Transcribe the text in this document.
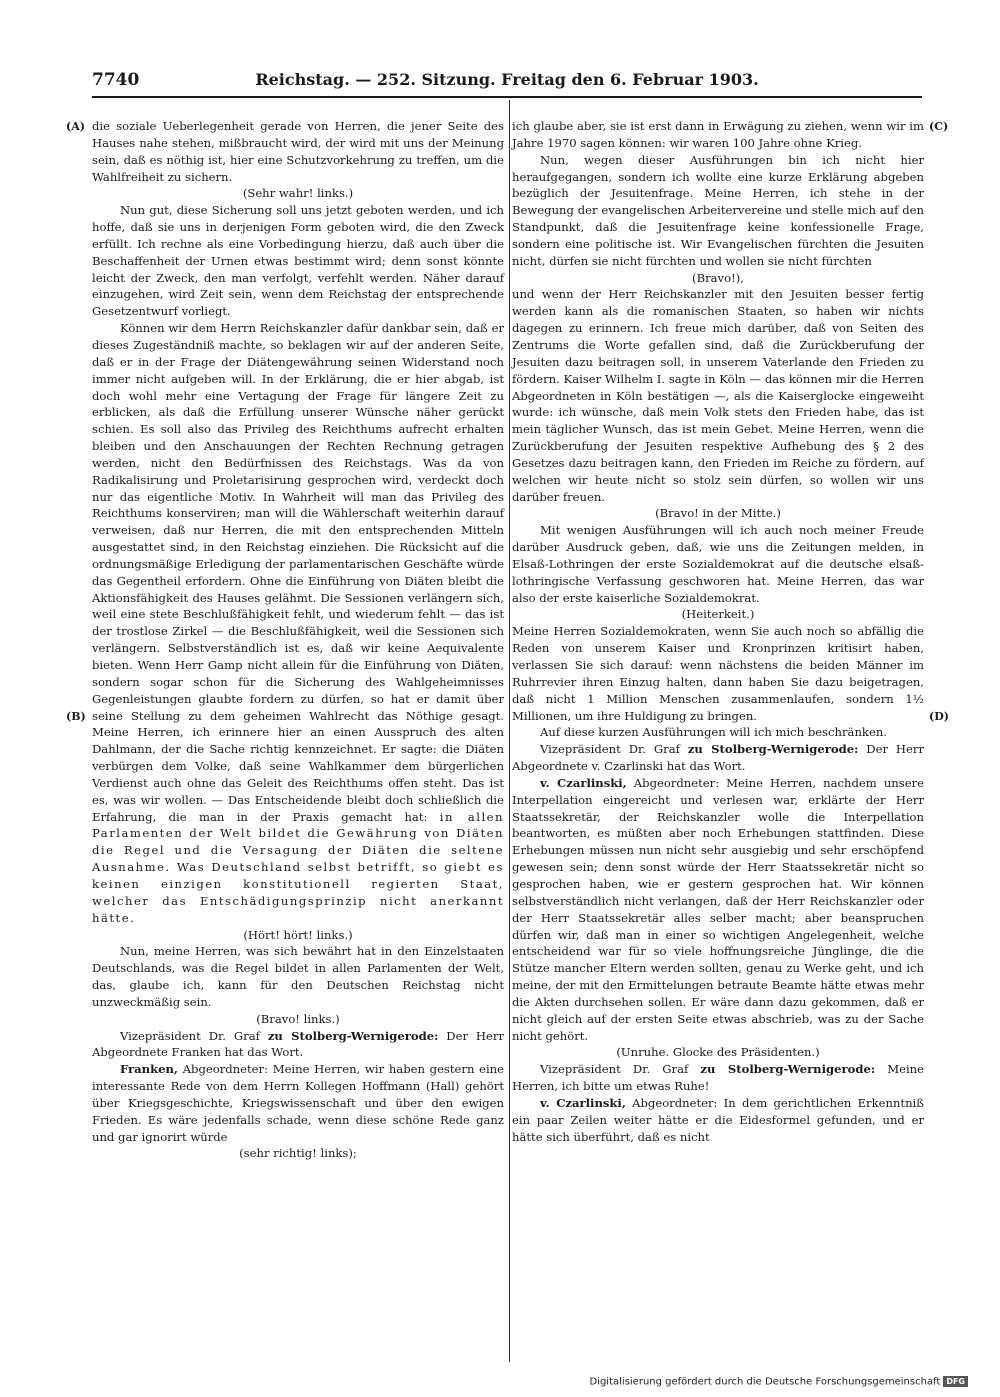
7740	Reichstag. — 252. Sitzung. Freitag den 6. Februar 1903.
(A)
(B)
(C)
(D)

die soziale Ueberlegenheit gerade von Herren, die jener Seite des Hauses nahe stehen, mißbraucht wird, der wird mit uns der Meinung sein, daß es nöthig ist, hier eine Schutzvorkehrung zu treffen, um die Wahlfreiheit zu sichern.

(Sehr wahr! links.)

Nun gut, diese Sicherung soll uns jetzt geboten werden, und ich hoffe, daß sie uns in derjenigen Form geboten wird, die den Zweck erfüllt. Ich rechne als eine Vorbedingung hierzu, daß auch über die Beschaffenheit der Urnen etwas bestimmt wird; denn sonst könnte leicht der Zweck, den man verfolgt, verfehlt werden. Näher darauf einzugehen, wird Zeit sein, wenn dem Reichstag der entsprechende Gesetzentwurf vorliegt.

Können wir dem Herrn Reichskanzler dafür dankbar sein, daß er dieses Zugeständniß machte, so beklagen wir auf der anderen Seite, daß er in der Frage der Diätengewährung seinen Widerstand noch immer nicht aufgeben will. In der Erklärung, die er hier abgab, ist doch wohl mehr eine Vertagung der Frage für längere Zeit zu erblicken, als daß die Erfüllung unserer Wünsche näher gerückt schien. Es soll also das Privileg des Reichthums aufrecht erhalten bleiben und den Anschauungen der Rechten Rechnung getragen werden, nicht den Bedürfnissen des Reichstags. Was da von Radikalisirung und Proletarisirung gesprochen wird, verdeckt doch nur das eigentliche Motiv. In Wahrheit will man das Privileg des Reichthums konserviren; man will die Wählerschaft weiterhin darauf verweisen, daß nur Herren, die mit den entsprechenden Mitteln ausgestattet sind, in den Reichstag einziehen. Die Rücksicht auf die ordnungsmäßige Erledigung der parlamentarischen Geschäfte würde das Gegentheil erfordern. Ohne die Einführung von Diäten bleibt die Aktionsfähigkeit des Hauses gelähmt. Die Sessionen verlängern sich, weil eine stete Beschlußfähigkeit fehlt, und wiederum fehlt — das ist der trostlose Zirkel — die Beschlußfähigkeit, weil die Sessionen sich verlängern. Selbstverständlich ist es, daß wir keine Aequivalente bieten. Wenn Herr Gamp nicht allein für die Einführung von Diäten, sondern sogar schon für die Sicherung des Wahlgeheimnisses Gegenleistungen glaubte fordern zu dürfen, so hat er damit über seine Stellung zu dem geheimen Wahlrecht das Nöthige gesagt. Meine Herren, ich erinnere hier an einen Ausspruch des alten Dahlmann, der die Sache richtig kennzeichnet. Er sagte: die Diäten verbürgen dem Volke, daß seine Wahlkammer dem bürgerlichen Verdienst auch ohne das Geleit des Reichthums offen steht. Das ist es, was wir wollen. — Das Entscheidende bleibt doch schließlich die Erfahrung, die man in der Praxis gemacht hat: in allen Parlamenten der Welt bildet die Gewährung von Diäten die Regel und die Versagung der Diäten die seltene Ausnahme. Was Deutschland selbst betrifft, so giebt es keinen einzigen konstitutionell regierten Staat, welcher das Entschädigungsprinzip nicht anerkannt hätte.

(Hört! hört! links.)

Nun, meine Herren, was sich bewährt hat in den Einzelstaaten Deutschlands, was die Regel bildet in allen Parlamenten der Welt, das, glaube ich, kann für den Deutschen Reichstag nicht unzweckmäßig sein.

(Bravo! links.)

Vizepräsident Dr. Graf zu Stolberg-Wernigerode: Der Herr Abgeordnete Franken hat das Wort.

Franken, Abgeordneter: Meine Herren, wir haben gestern eine interessante Rede von dem Herrn Kollegen Hoffmann (Hall) gehört über Kriegsgeschichte, Kriegswissenschaft und über den ewigen Frieden. Es wäre jedenfalls schade, wenn diese schöne Rede ganz und gar ignorirt würde

(sehr richtig! links);

ich glaube aber, sie ist erst dann in Erwägung zu ziehen, wenn wir im Jahre 1970 sagen können: wir waren 100 Jahre ohne Krieg.

Nun, wegen dieser Ausführungen bin ich nicht hier heraufgegangen, sondern ich wollte eine kurze Erklärung abgeben bezüglich der Jesuitenfrage. Meine Herren, ich stehe in der Bewegung der evangelischen Arbeitervereine und stelle mich auf den Standpunkt, daß die Jesuitenfrage keine konfessionelle Frage, sondern eine politische ist. Wir Evangelischen fürchten die Jesuiten nicht, dürfen sie nicht fürchten und wollen sie nicht fürchten

(Bravo!),

und wenn der Herr Reichskanzler mit den Jesuiten besser fertig werden kann als die romanischen Staaten, so haben wir nichts dagegen zu erinnern. Ich freue mich darüber, daß von Seiten des Zentrums die Worte gefallen sind, daß die Zurückberufung der Jesuiten dazu beitragen soll, in unserem Vaterlande den Frieden zu fördern. Kaiser Wilhelm I. sagte in Köln — das können mir die Herren Abgeordneten in Köln bestätigen —, als die Kaiserglocke eingeweiht wurde: ich wünsche, daß mein Volk stets den Frieden habe, das ist mein täglicher Wunsch, das ist mein Gebet. Meine Herren, wenn die Zurückberufung der Jesuiten respektive Aufhebung des § 2 des Gesetzes dazu beitragen kann, den Frieden im Reiche zu fördern, auf welchen wir heute nicht so stolz sein dürfen, so wollen wir uns darüber freuen.

(Bravo! in der Mitte.)

Mit wenigen Ausführungen will ich auch noch meiner Freude darüber Ausdruck geben, daß, wie uns die Zeitungen melden, in Elsaß-Lothringen der erste Sozialdemokrat auf die deutsche elsaß-lothringische Verfassung geschworen hat. Meine Herren, das war also der erste kaiserliche Sozialdemokrat.

(Heiterkeit.)

Meine Herren Sozialdemokraten, wenn Sie auch noch so abfällig die Reden von unserem Kaiser und Kronprinzen kritisirt haben, verlassen Sie sich darauf: wenn nächstens die beiden Männer im Ruhrrevier ihren Einzug halten, dann haben Sie dazu beigetragen, daß nicht 1 Million Menschen zusammenlaufen, sondern 1½ Millionen, um ihre Huldigung zu bringen.

Auf diese kurzen Ausführungen will ich mich beschränken.

Vizepräsident Dr. Graf zu Stolberg-Wernigerode: Der Herr Abgeordnete v. Czarlinski hat das Wort.

v. Czarlinski, Abgeordneter: Meine Herren, nachdem unsere Interpellation eingereicht und verlesen war, erklärte der Herr Staatssekretär, der Reichskanzler wolle die Interpellation beantworten, es müßten aber noch Erhebungen stattfinden. Diese Erhebungen müssen nun nicht sehr ausgiebig und sehr erschöpfend gewesen sein; denn sonst würde der Herr Staatssekretär nicht so gesprochen haben, wie er gestern gesprochen hat. Wir können selbstverständlich nicht verlangen, daß der Herr Reichskanzler oder der Herr Staatssekretär alles selber macht; aber beanspruchen dürfen wir, daß man in einer so wichtigen Angelegenheit, welche entscheidend war für so viele hoffnungsreiche Jünglinge, die die Stütze mancher Eltern werden sollten, genau zu Werke geht, und ich meine, der mit den Ermittelungen betraute Beamte hätte etwas mehr die Akten durchsehen sollen. Er wäre dann dazu gekommen, daß er nicht gleich auf der ersten Seite etwas abschrieb, was zu der Sache nicht gehört.

(Unruhe. Glocke des Präsidenten.)

Vizepräsident Dr. Graf zu Stolberg-Wernigerode: Meine Herren, ich bitte um etwas Ruhe!

v. Czarlinski, Abgeordneter: In dem gerichtlichen Erkenntniß ein paar Zeilen weiter hätte er die Eidesformel gefunden, und er hätte sich überführt, daß es nicht

Digitalisierung gefördert durch die Deutsche Forschungsgemeinschaft DFG
